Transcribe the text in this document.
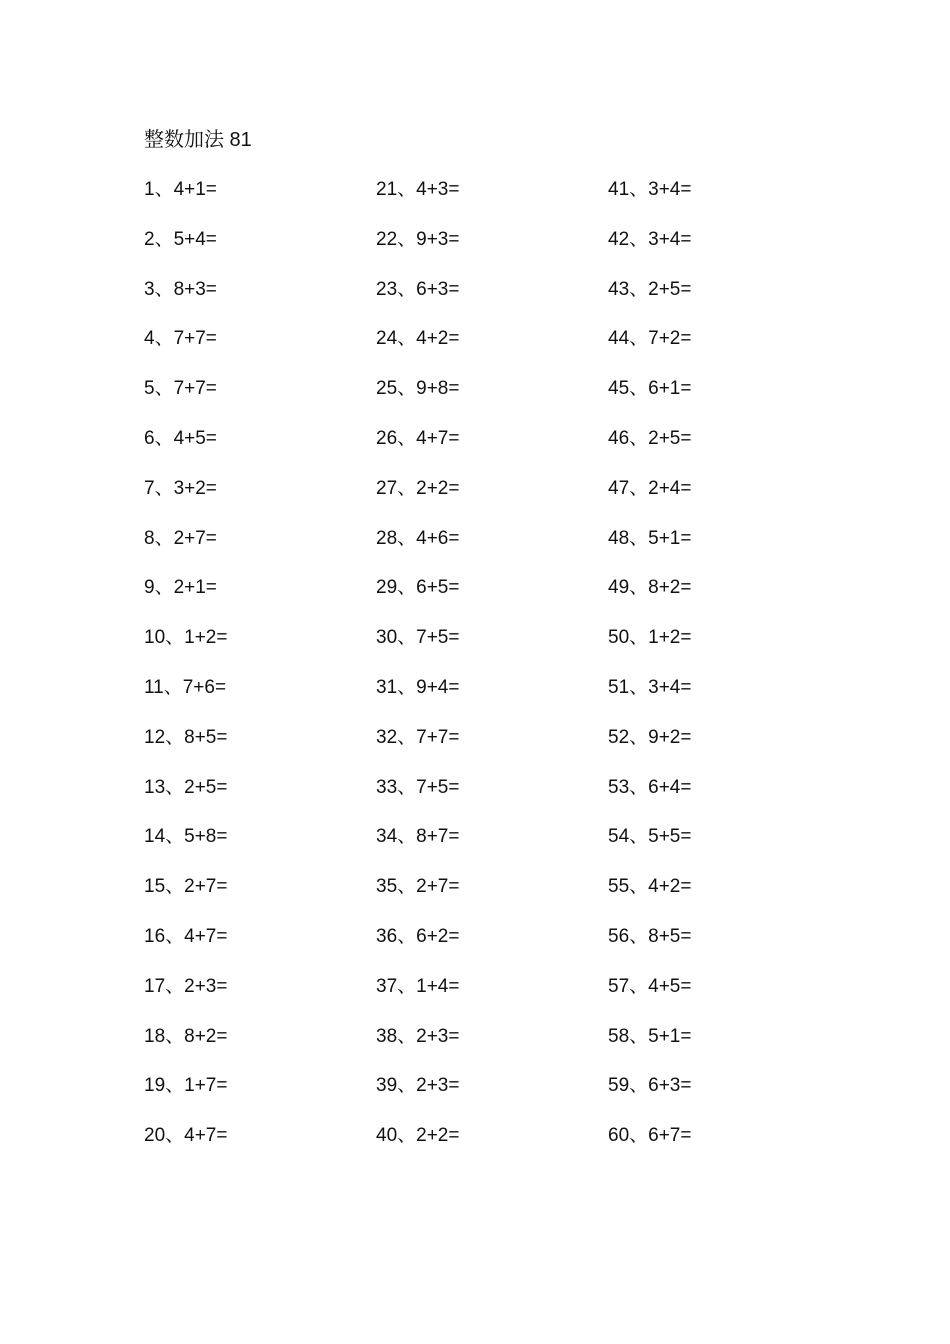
整数加法 81
1、4+1=
2、5+4=
3、8+3=
4、7+7=
5、7+7=
6、4+5=
7、3+2=
8、2+7=
9、2+1=
10、1+2=
11、7+6=
12、8+5=
13、2+5=
14、5+8=
15、2+7=
16、4+7=
17、2+3=
18、8+2=
19、1+7=
20、4+7=
21、4+3=
22、9+3=
23、6+3=
24、4+2=
25、9+8=
26、4+7=
27、2+2=
28、4+6=
29、6+5=
30、7+5=
31、9+4=
32、7+7=
33、7+5=
34、8+7=
35、2+7=
36、6+2=
37、1+4=
38、2+3=
39、2+3=
40、2+2=
41、3+4=
42、3+4=
43、2+5=
44、7+2=
45、6+1=
46、2+5=
47、2+4=
48、5+1=
49、8+2=
50、1+2=
51、3+4=
52、9+2=
53、6+4=
54、5+5=
55、4+2=
56、8+5=
57、4+5=
58、5+1=
59、6+3=
60、6+7=
